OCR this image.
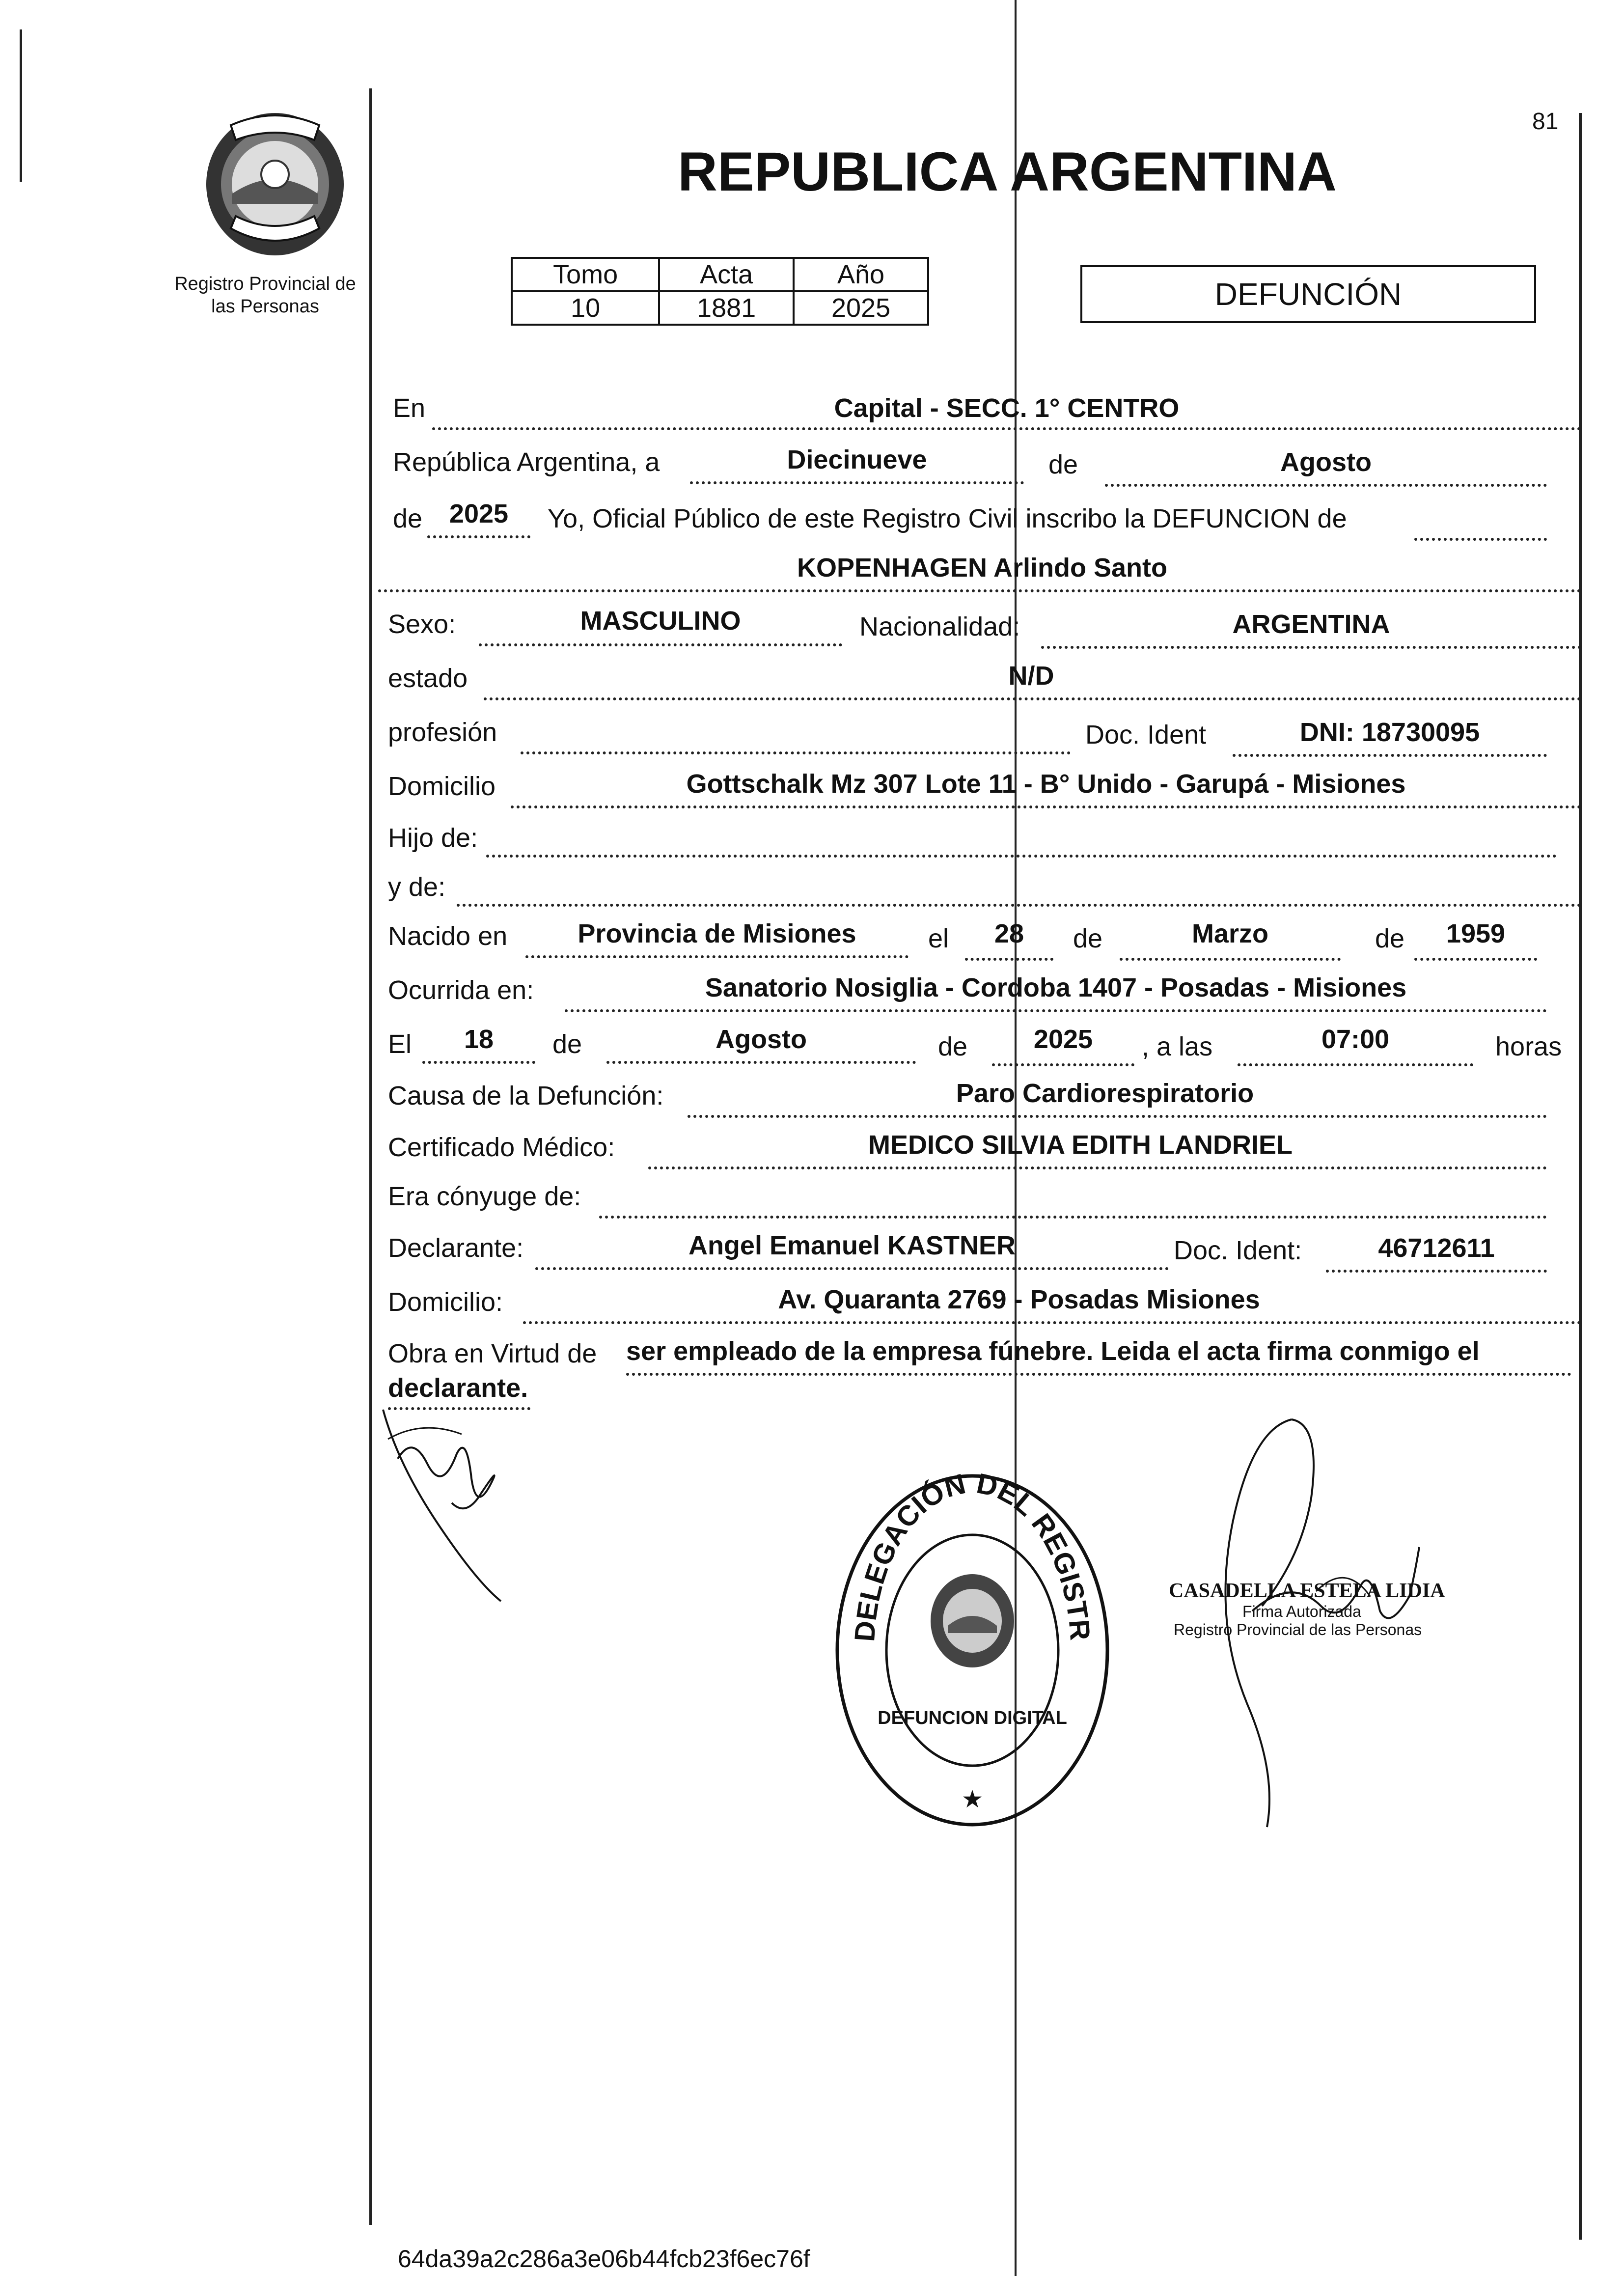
81
Registro Provincial de
las Personas
REPUBLICA ARGENTINA
Tomo	Acta	Año
10	1881	2025	DEFUNCIÓN
En	Capital - SECC. 1° CENTRO
República Argentina, a	Diecinueve	de	Agosto
de	2025	Yo, Oficial Público de este Registro Civil inscribo la DEFUNCION de
KOPENHAGEN Arlindo Santo
Sexo:	MASCULINO	Nacionalidad:	ARGENTINA
estado	N/D
profesión	Doc. Ident	DNI: 18730095
Domicilio	Gottschalk Mz 307 Lote 11 - B° Unido - Garupá - Misiones
Hijo de:
y de:
Nacido en	Provincia de Misiones	el	28	de	Marzo	de	1959
Ocurrida en:	Sanatorio Nosiglia - Cordoba 1407 - Posadas - Misiones
El	18	de	Agosto	de	2025	, a las	07:00	horas
Causa de la Defunción:	Paro Cardiorespiratorio
Certificado Médico:	MEDICO SILVIA EDITH LANDRIEL
Era cónyuge de:
Declarante:	Angel Emanuel KASTNER	Doc. Ident:	46712611
Domicilio:	Av. Quaranta 2769 - Posadas Misiones
Obra en Virtud de ser empleado de la empresa fúnebre. Leida el acta firma conmigo el
declarante.
DELEGACIÓN DEL REGISTR
DEFUNCION DIGITAL
★
CASADELLA ESTELA LIDIA
Firma Autorizada
Registro Provincial de las Personas
64da39a2c286a3e06b44fcb23f6ec76f
